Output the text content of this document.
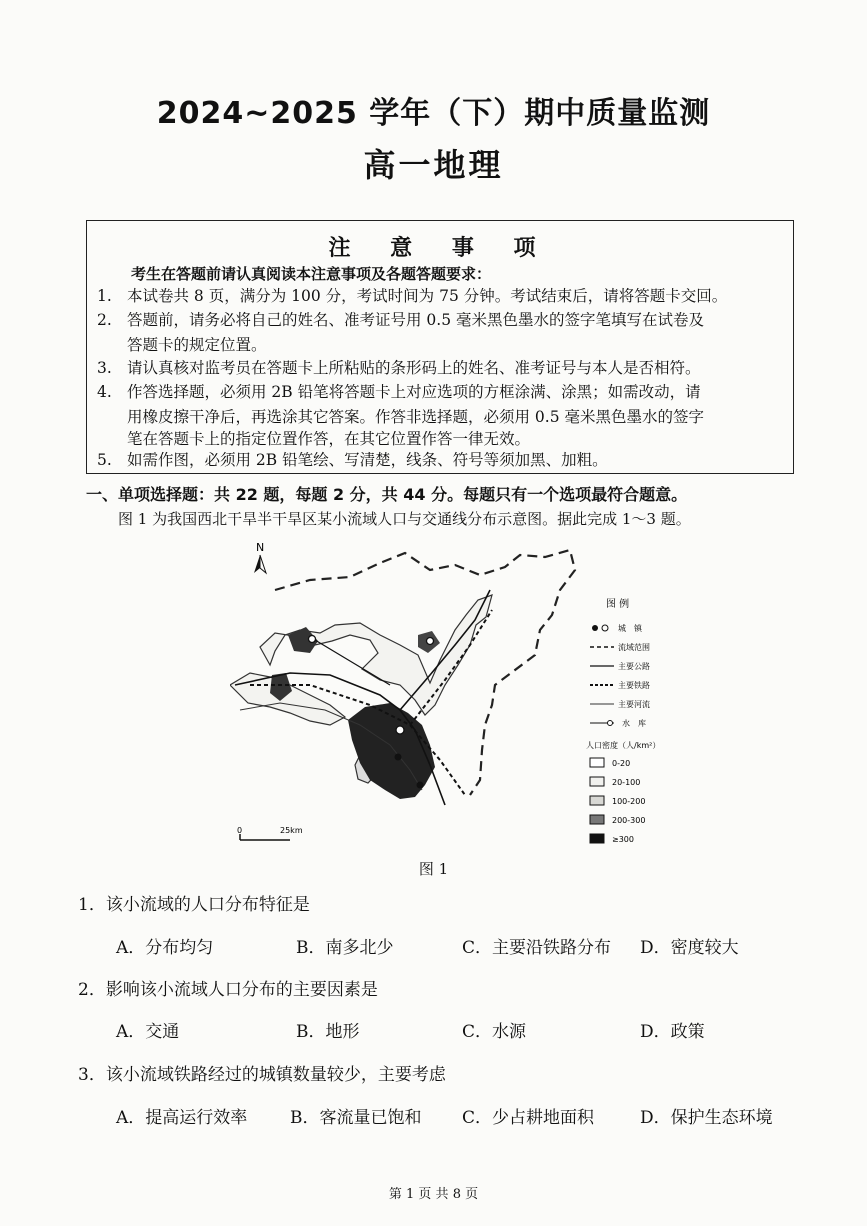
2024~2025 学年（下）期中质量监测
高一地理
注 意 事 项
考生在答题前请认真阅读本注意事项及各题答题要求：
1. 本试卷共 8 页，满分为 100 分，考试时间为 75 分钟。考试结束后，请将答题卡交回。
2. 答题前，请务必将自己的姓名、准考证号用 0.5 毫米黑色墨水的签字笔填写在试卷及
答题卡的规定位置。
3. 请认真核对监考员在答题卡上所粘贴的条形码上的姓名、准考证号与本人是否相符。
4. 作答选择题，必须用 2B 铅笔将答题卡上对应选项的方框涂满、涂黑；如需改动，请
用橡皮擦干净后，再选涂其它答案。作答非选择题，必须用 0.5 毫米黑色墨水的签字
笔在答题卡上的指定位置作答，在其它位置作答一律无效。
5. 如需作图，必须用 2B 铅笔绘、写清楚，线条、符号等须加黑、加粗。
一、单项选择题：共 22 题，每题 2 分，共 44 分。每题只有一个选项最符合题意。
图 1 为我国西北干旱半干旱区某小流域人口与交通线分布示意图。据此完成 1～3 题。
N
0	25km
图 例
城　镇
流域范围
主要公路
主要铁路
主要河流
水　库
人口密度（人/km²）
0-20
20-100
100-200
200-300
≥300
图 1
1．该小流域的人口分布特征是
A．分布均匀	B．南多北少	C．主要沿铁路分布 D．密度较大
2．影响该小流域人口分布的主要因素是
A．交通	B．地形	C．水源	D．政策
3．该小流域铁路经过的城镇数量较少，主要考虑
A．提高运行效率	B．客流量已饱和 C．少占耕地面积	D．保护生态环境
第 1 页 共 8 页
